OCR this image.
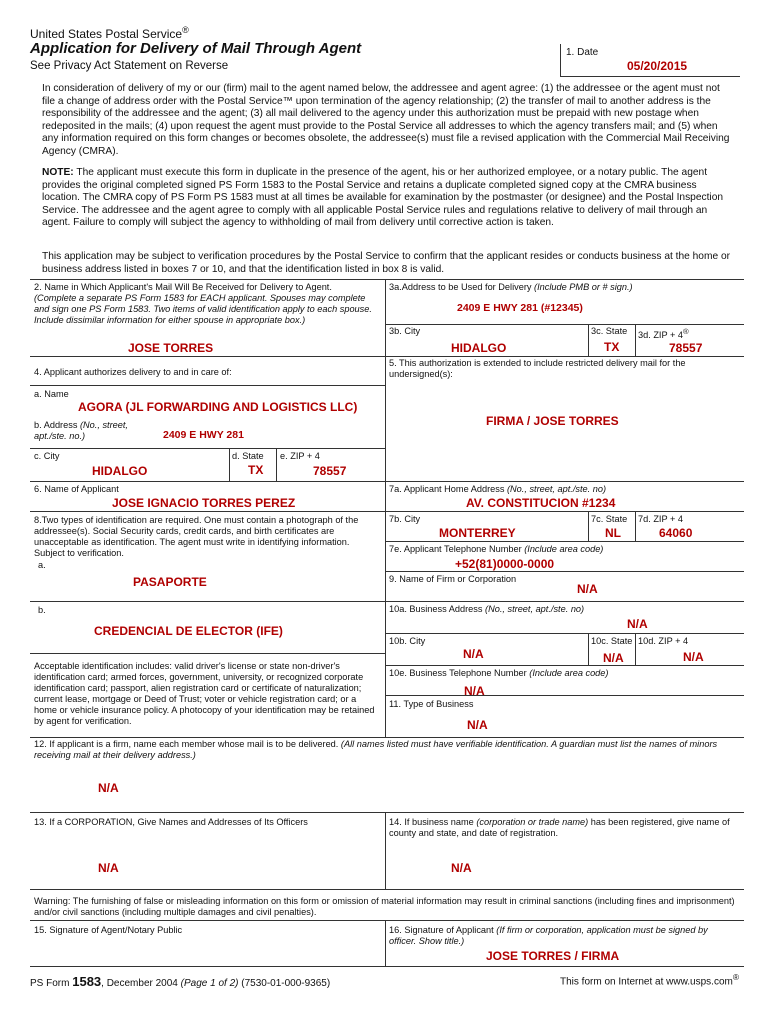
United States Postal Service®
Application for Delivery of Mail Through Agent
See Privacy Act Statement on Reverse
1. Date
05/20/2015
In consideration of delivery of my or our (firm) mail to the agent named below, the addressee and agent agree: (1) the addressee or the agent must not file a change of address order with the Postal Service™ upon termination of the agency relationship; (2) the transfer of mail to another address is the responsibility of the addressee and the agent; (3) all mail delivered to the agency under this authorization must be prepaid with new postage when redeposited in the mails; (4) upon request the agent must provide to the Postal Service all addresses to which the agency transfers mail; and (5) when any information required on this form changes or becomes obsolete, the addressee(s) must file a revised application with the Commercial Mail Receiving Agency (CMRA).
NOTE: The applicant must execute this form in duplicate in the presence of the agent, his or her authorized employee, or a notary public. The agent provides the original completed signed PS Form 1583 to the Postal Service and retains a duplicate completed signed copy at the CMRA business location. The CMRA copy of PS Form PS 1583 must at all times be available for examination by the postmaster (or designee) and the Postal Inspection Service. The addressee and the agent agree to comply with all applicable Postal Service rules and regulations relative to delivery of mail through an agent. Failure to comply will subject the agency to withholding of mail from delivery until corrective action is taken.
This application may be subject to verification procedures by the Postal Service to confirm that the applicant resides or conducts business at the home or business address listed in boxes 7 or 10, and that the identification listed in box 8 is valid.
2. Name in Which Applicant's Mail Will Be Received for Delivery to Agent.
(Complete a separate PS Form 1583 for EACH applicant. Spouses may complete and sign one PS Form 1583. Two items of valid identification apply to each spouse. Include dissimilar information for either spouse in appropriate box.)
JOSE TORRES
3a.Address to be Used for Delivery (Include PMB or # sign.)
2409 E HWY 281 (#12345)
3b. City
HIDALGO
3c. State
TX
3d. ZIP + 4®
78557
4. Applicant authorizes delivery to and in care of:
5. This authorization is extended to include restricted delivery mail for the undersigned(s):
FIRMA / JOSE TORRES
a. Name
AGORA (JL FORWARDING AND LOGISTICS LLC)
b. Address (No., street, apt./ste. no.)	2409 E HWY 281
c. City
HIDALGO
d. State
TX
e. ZIP + 4
78557
6. Name of Applicant
JOSE IGNACIO TORRES PEREZ
7a. Applicant Home Address (No., street, apt./ste. no)
AV. CONSTITUCION #1234
7b. City
MONTERREY
7c. State
NL
7d. ZIP + 4
64060
7e. Applicant Telephone Number (Include area code)
+52(81)0000-0000
8.Two types of identification are required. One must contain a photograph of the addressee(s). Social Security cards, credit cards, and birth certificates are unacceptable as identification. The agent must write in identifying information. Subject to verification.
a.
PASAPORTE
b.
CREDENCIAL DE ELECTOR (IFE)
Acceptable identification includes: valid driver's license or state non-driver's identification card; armed forces, government, university, or recognized corporate identification card; passport, alien registration card or certificate of naturalization; current lease, mortgage or Deed of Trust; voter or vehicle registration card; or a home or vehicle insurance policy. A photocopy of your identification may be retained by agent for verification.
9. Name of Firm or Corporation
N/A
10a. Business Address (No., street, apt./ste. no)
N/A
10b. City
N/A
10c. State
N/A
10d. ZIP + 4
N/A
10e. Business Telephone Number (Include area code)
N/A
11. Type of Business
N/A
12. If applicant is a firm, name each member whose mail is to be delivered. (All names listed must have verifiable identification. A guardian must list the names of minors receiving mail at their delivery address.)
N/A
13. If a CORPORATION, Give Names and Addresses of Its Officers
N/A
14. If business name (corporation or trade name) has been registered, give name of county and state, and date of registration.
N/A
Warning: The furnishing of false or misleading information on this form or omission of material information may result in criminal sanctions (including fines and imprisonment) and/or civil sanctions (including multiple damages and civil penalties).
15. Signature of Agent/Notary Public	16. Signature of Applicant (If firm or corporation, application must be signed by officer. Show title.)
JOSE TORRES / FIRMA
PS Form 1583, December 2004 (Page 1 of 2) (7530-01-000-9365)	This form on Internet at www.usps.com®
